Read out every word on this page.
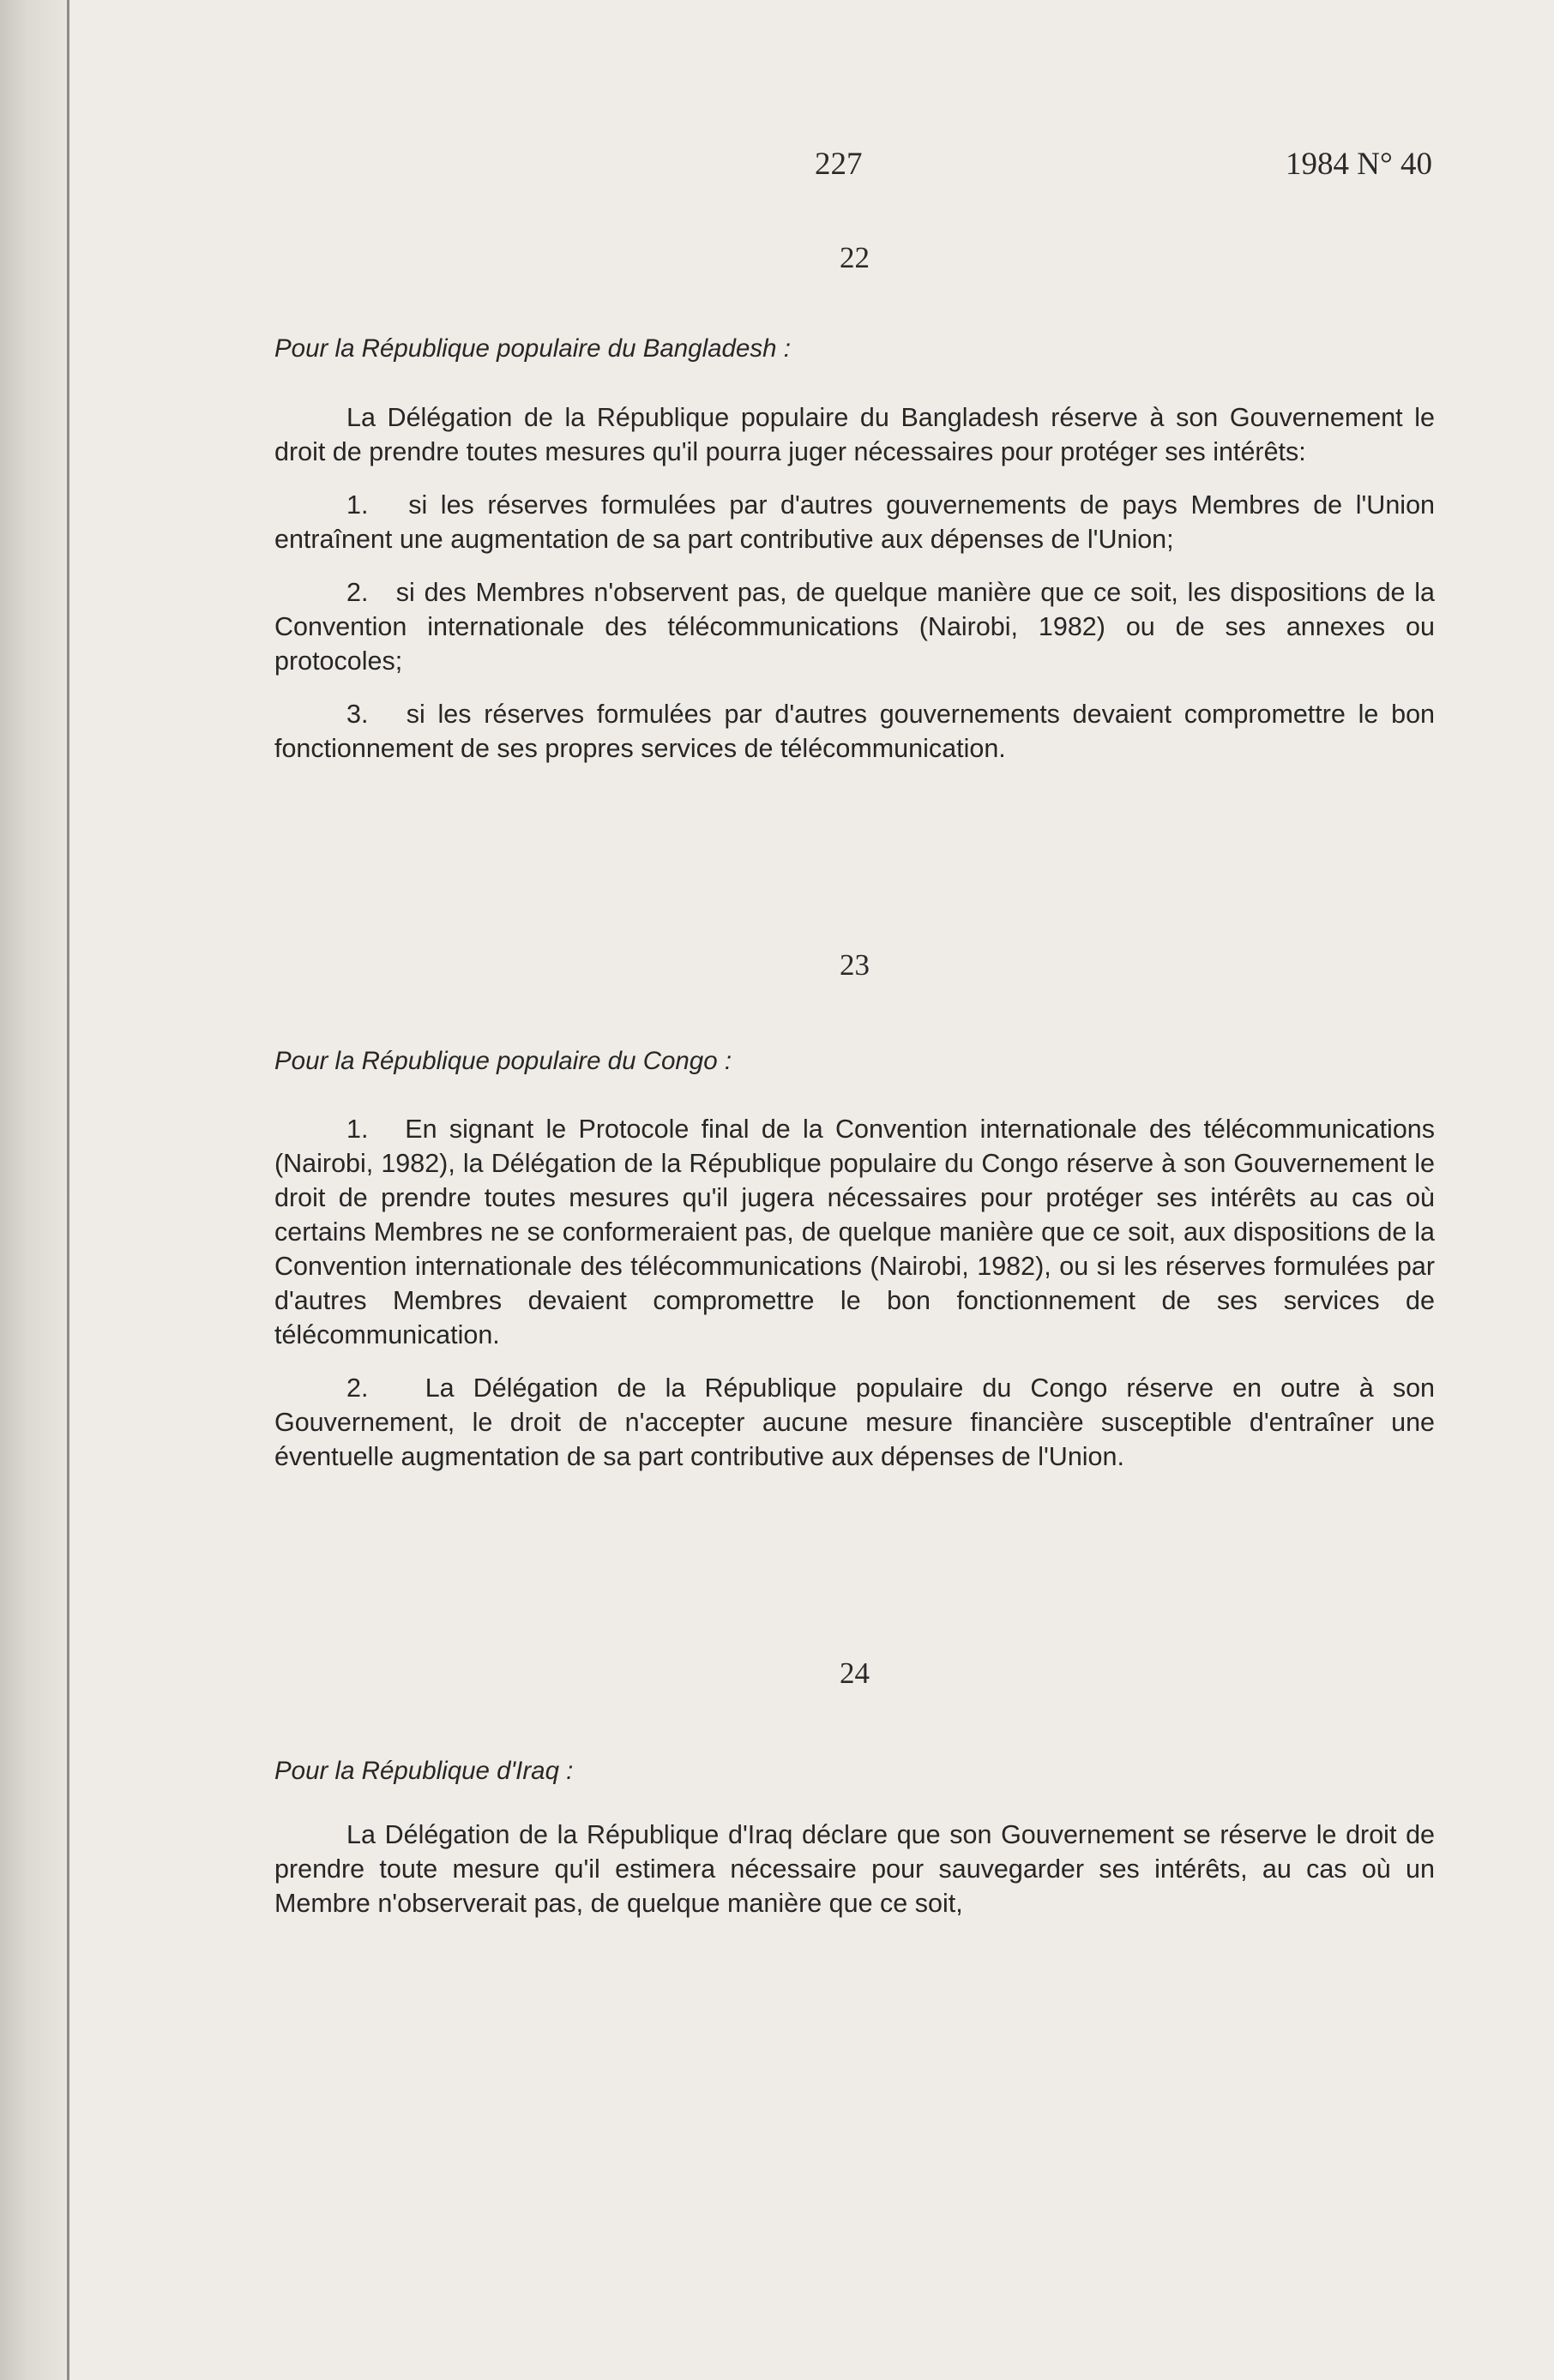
227	1984 N° 40
22
Pour la République populaire du Bangladesh :

La Délégation de la République populaire du Bangladesh réserve à son Gouvernement le droit de prendre toutes mesures qu'il pourra juger nécessaires pour protéger ses intérêts:

1. si les réserves formulées par d'autres gouvernements de pays Membres de l'Union entraînent une augmentation de sa part contributive aux dépenses de l'Union;

2. si des Membres n'observent pas, de quelque manière que ce soit, les dispositions de la Convention internationale des télécommunications (Nairobi, 1982) ou de ses annexes ou protocoles;

3. si les réserves formulées par d'autres gouvernements devaient compromettre le bon fonctionnement de ses propres services de télécommunication.

23
Pour la République populaire du Congo :

1. En signant le Protocole final de la Convention internationale des télécommunications (Nairobi, 1982), la Délégation de la République populaire du Congo réserve à son Gouvernement le droit de prendre toutes mesures qu'il jugera nécessaires pour protéger ses intérêts au cas où certains Membres ne se conformeraient pas, de quelque manière que ce soit, aux dispositions de la Convention internationale des télécommunications (Nairobi, 1982), ou si les réserves formulées par d'autres Membres devaient compromettre le bon fonctionnement de ses services de télécommunication.

2. La Délégation de la République populaire du Congo réserve en outre à son Gouvernement, le droit de n'accepter aucune mesure financière susceptible d'entraîner une éventuelle augmentation de sa part contributive aux dépenses de l'Union.

24
Pour la République d'Iraq :

La Délégation de la République d'Iraq déclare que son Gouvernement se réserve le droit de prendre toute mesure qu'il estimera nécessaire pour sauvegarder ses intérêts, au cas où un Membre n'observerait pas, de quelque manière que ce soit,
